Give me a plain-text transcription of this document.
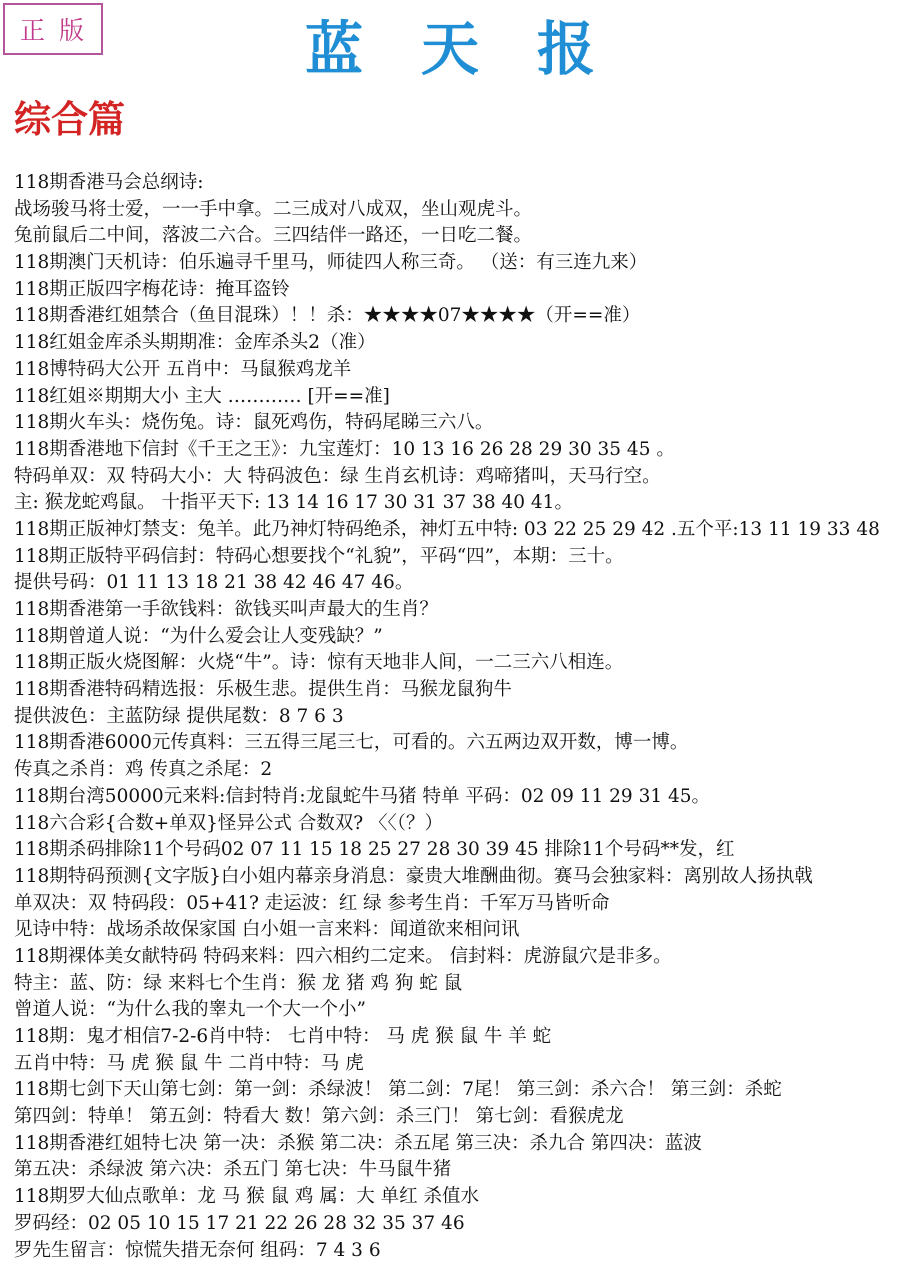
正版	蓝天报
综合篇
118期香港马会总纲诗:
战场骏马将士爱，一一手中拿。二三成对八成双，坐山观虎斗。
兔前鼠后二中间，落波二六合。三四结伴一路还，一日吃二餐。
118期澳门天机诗：伯乐遍寻千里马，师徒四人称三奇。 （送：有三连九来）
118期正版四字梅花诗：掩耳盗铃
118期香港红姐禁合（鱼目混珠）！！杀：★★★★07★★★★（开==准）
118红姐金库杀头期期准：金库杀头2（准）
118博特码大公开 五肖中：马鼠猴鸡龙羊
118红姐※期期大小 主大 ………… [开==准]
118期火车头：烧伤兔。诗：鼠死鸡伤，特码尾睇三六八。
118期香港地下信封《千王之王》：九宝莲灯：10 13 16 26 28 29 30 35 45 。
特码单双：双 特码大小：大 特码波色：绿 生肖玄机诗：鸡啼猪叫，天马行空。
主: 猴龙蛇鸡鼠。 十指平天下: 13 14 16 17 30 31 37 38 40 41。
118期正版神灯禁支：兔羊。此乃神灯特码绝杀，神灯五中特: 03 22 25 29 42 .五个平:13 11 19 33 48
118期正版特平码信封：特码心想要找个“礼貌”，平码“四”，本期：三十。
提供号码：01 11 13 18 21 38 42 46 47 46。
118期香港第一手欲钱料：欲钱买叫声最大的生肖？
118期曾道人说：“为什么爱会让人变残缺？”
118期正版火烧图解：火烧“牛”。诗：惊有天地非人间，一二三六八相连。
118期香港特码精选报：乐极生悲。提供生肖：马猴龙鼠狗牛
提供波色：主蓝防绿 提供尾数：8 7 6 3
118期香港6000元传真料：三五得三尾三七，可看的。六五两边双开数，博一博。
传真之杀肖：鸡 传真之杀尾：2
118期台湾50000元来料:信封特肖:龙鼠蛇牛马猪 特单 平码：02 09 11 29 31 45。
118六合彩{合数+单双}怪异公式 合数双? 〈〈（？）
118期杀码排除11个号码02 07 11 15 18 25 27 28 30 39 45 排除11个号码**发，红
118期特码预测{文字版}白小姐内幕亲身消息：豪贵大堆酬曲彻。赛马会独家料：离别故人扬执戟
单双决：双 特码段：05+41? 走运波：红 绿 参考生肖：千军万马皆听命
见诗中特：战场杀故保家国 白小姐一言来料：闻道欲来相问讯
118期裸体美女献特码 特码来料：四六相约二定来。 信封料：虎游鼠穴是非多。
特主：蓝、防：绿 来料七个生肖：猴 龙 猪 鸡 狗 蛇 鼠
曾道人说：“为什么我的睾丸一个大一个小”
118期：鬼才相信7-2-6肖中特： 七肖中特： 马 虎 猴 鼠 牛 羊 蛇
五肖中特：马 虎 猴 鼠 牛 二肖中特：马 虎
118期七剑下天山第七剑：第一剑：杀绿波！ 第二剑：7尾！ 第三剑：杀六合！ 第三剑：杀蛇
第四剑：特单！ 第五剑：特看大 数！第六剑：杀三门！ 第七剑：看猴虎龙
118期香港红姐特七决 第一决：杀猴 第二决：杀五尾 第三决：杀九合 第四决：蓝波
第五决：杀绿波 第六决：杀五门 第七决：牛马鼠牛猪
118期罗大仙点歌单：龙 马 猴 鼠 鸡 属：大 单红 杀值水
罗码经：02 05 10 15 17 21 22 26 28 32 35 37 46
罗先生留言：惊慌失措无奈何 组码：7 4 3 6
